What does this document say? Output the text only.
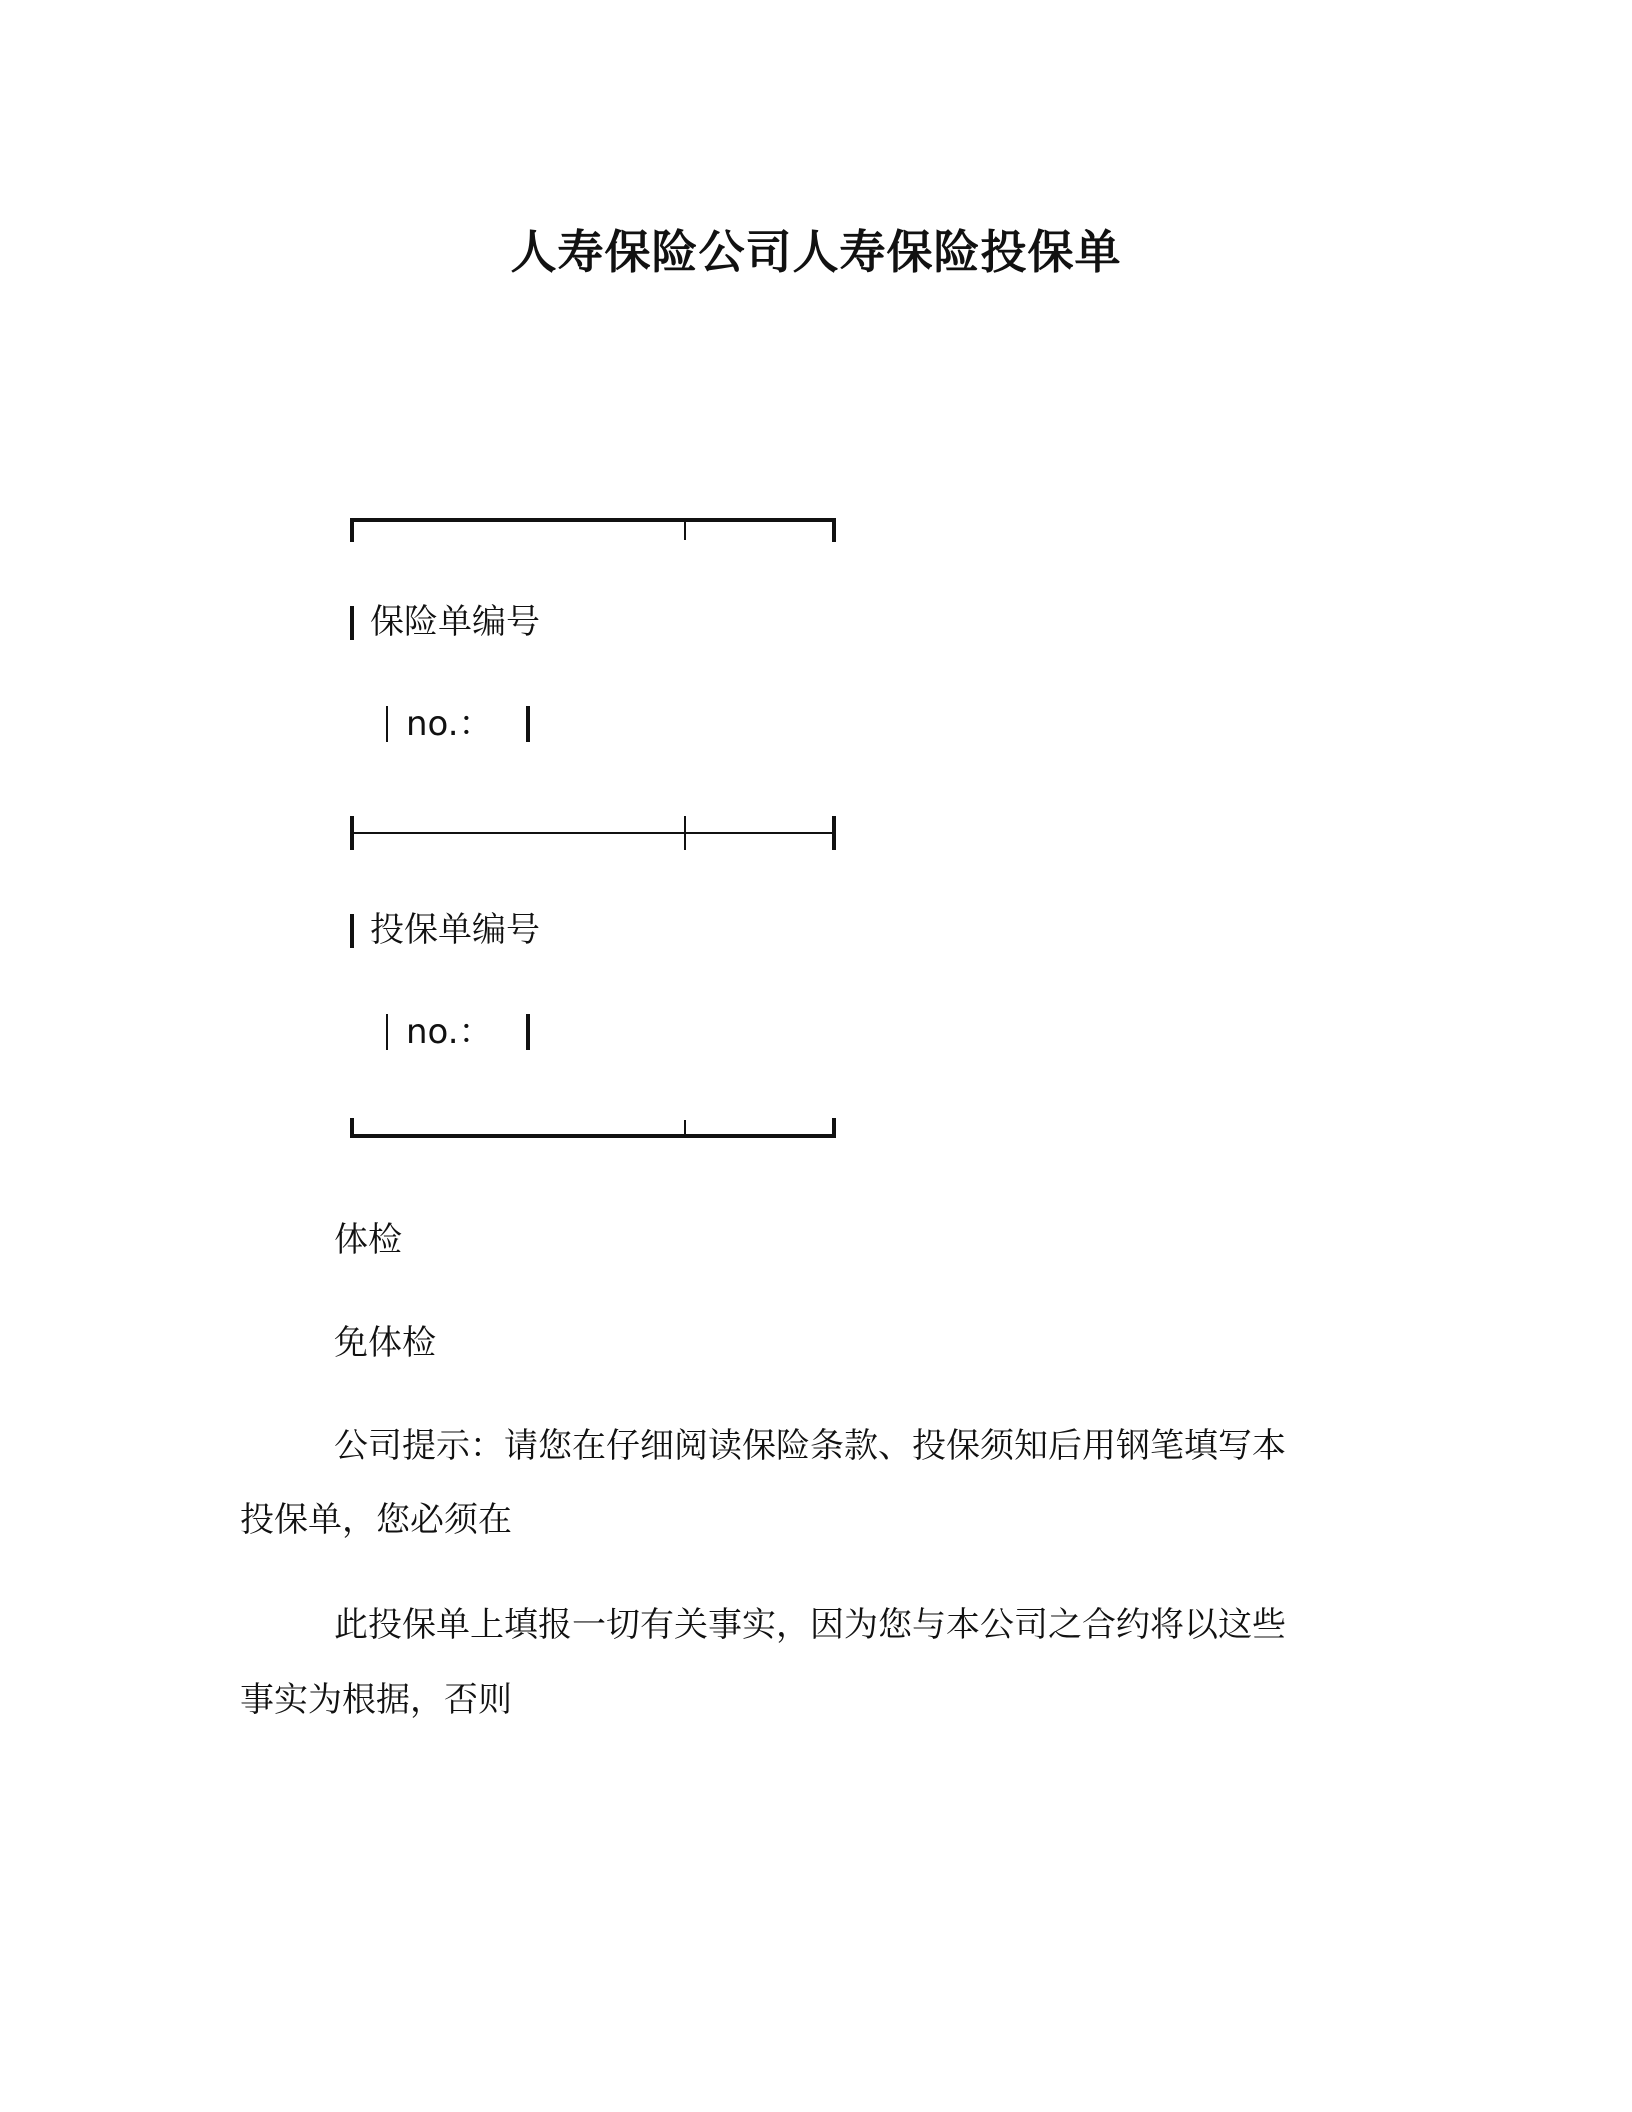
人寿保险公司人寿保险投保单
保险单编号
no.：
投保单编号
no.：
体检
免体检
公司提示：请您在仔细阅读保险条款、投保须知后用钢笔填写本
投保单，您必须在
此投保单上填报一切有关事实，因为您与本公司之合约将以这些
事实为根据，否则
